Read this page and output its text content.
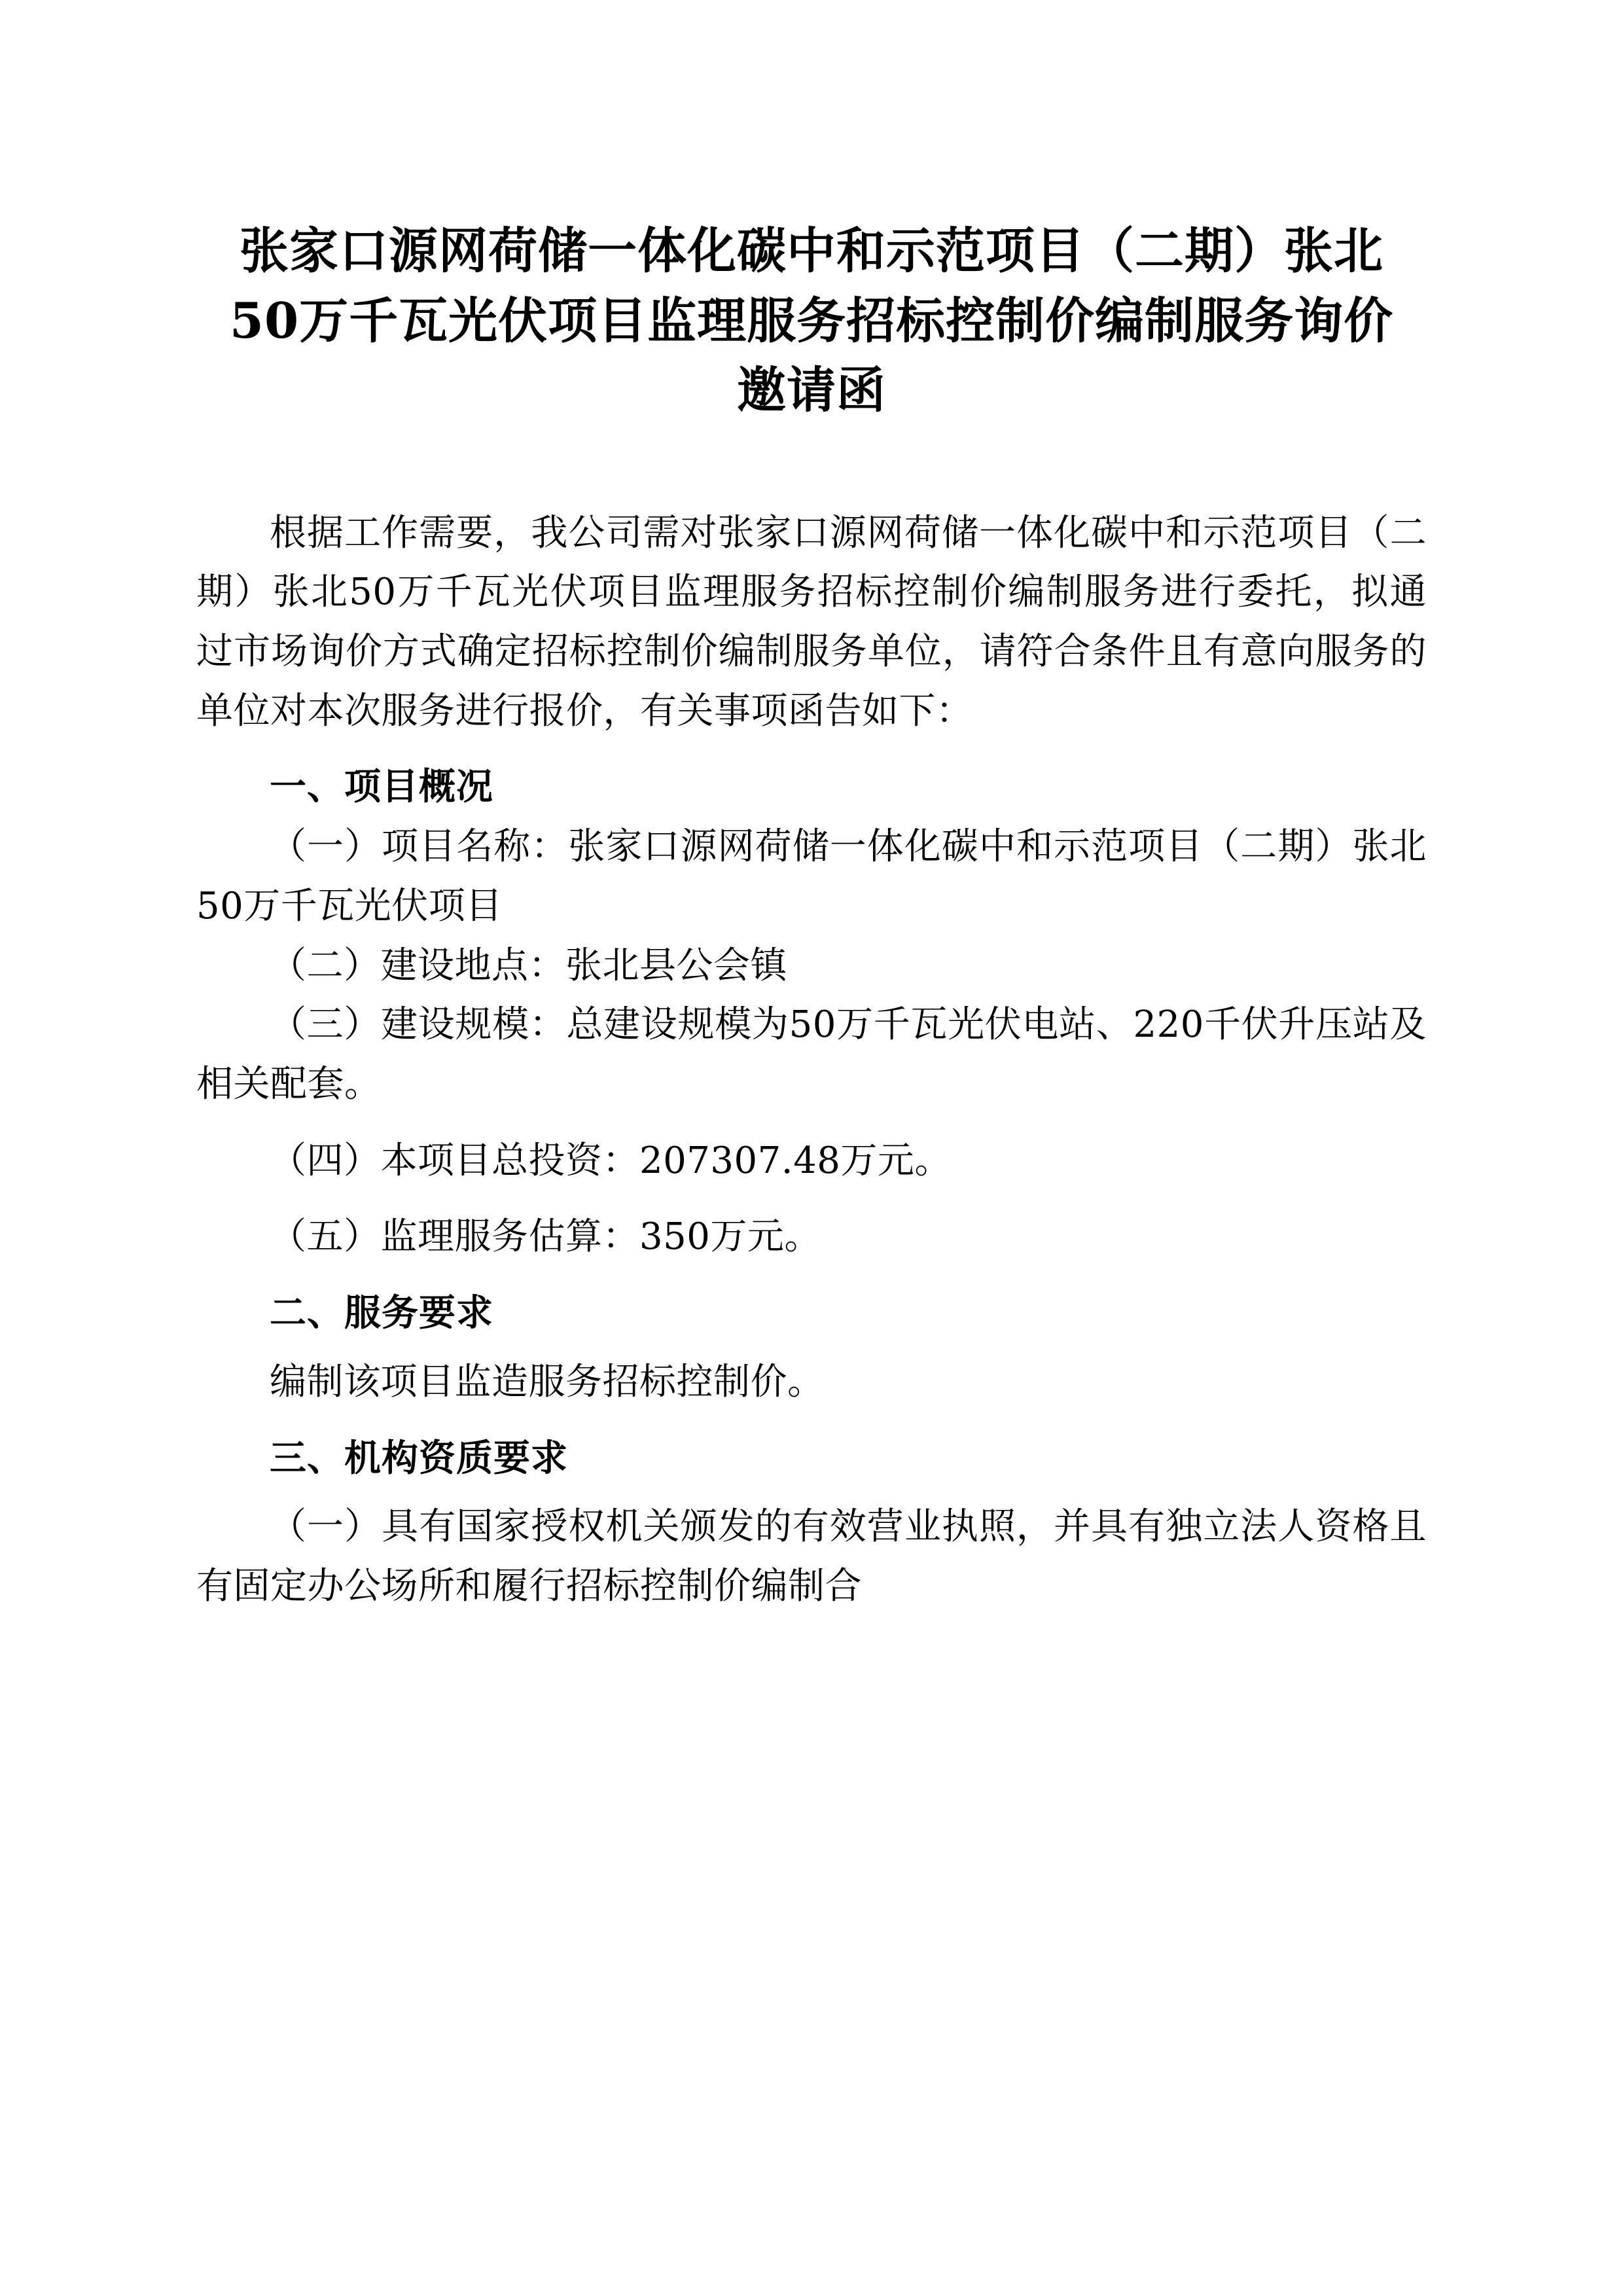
张家口源网荷储一体化碳中和示范项目（二期）张北50万千瓦光伏项目监理服务招标控制价编制服务询价邀请函

根据工作需要，我公司需对张家口源网荷储一体化碳中和示范项目（二期）张北50万千瓦光伏项目监理服务招标控制价编制服务进行委托，拟通过市场询价方式确定招标控制价编制服务单位，请符合条件且有意向服务的单位对本次服务进行报价，有关事项函告如下：

一、项目概况

（一）项目名称：张家口源网荷储一体化碳中和示范项目（二期）张北50万千瓦光伏项目

（二）建设地点：张北县公会镇

（三）建设规模：总建设规模为50万千瓦光伏电站、220千伏升压站及相关配套。

（四）本项目总投资：207307.48万元。

（五）监理服务估算：350万元。

二、服务要求

编制该项目监造服务招标控制价。

三、机构资质要求

（一）具有国家授权机关颁发的有效营业执照，并具有独立法人资格且有固定办公场所和履行招标控制价编制合
